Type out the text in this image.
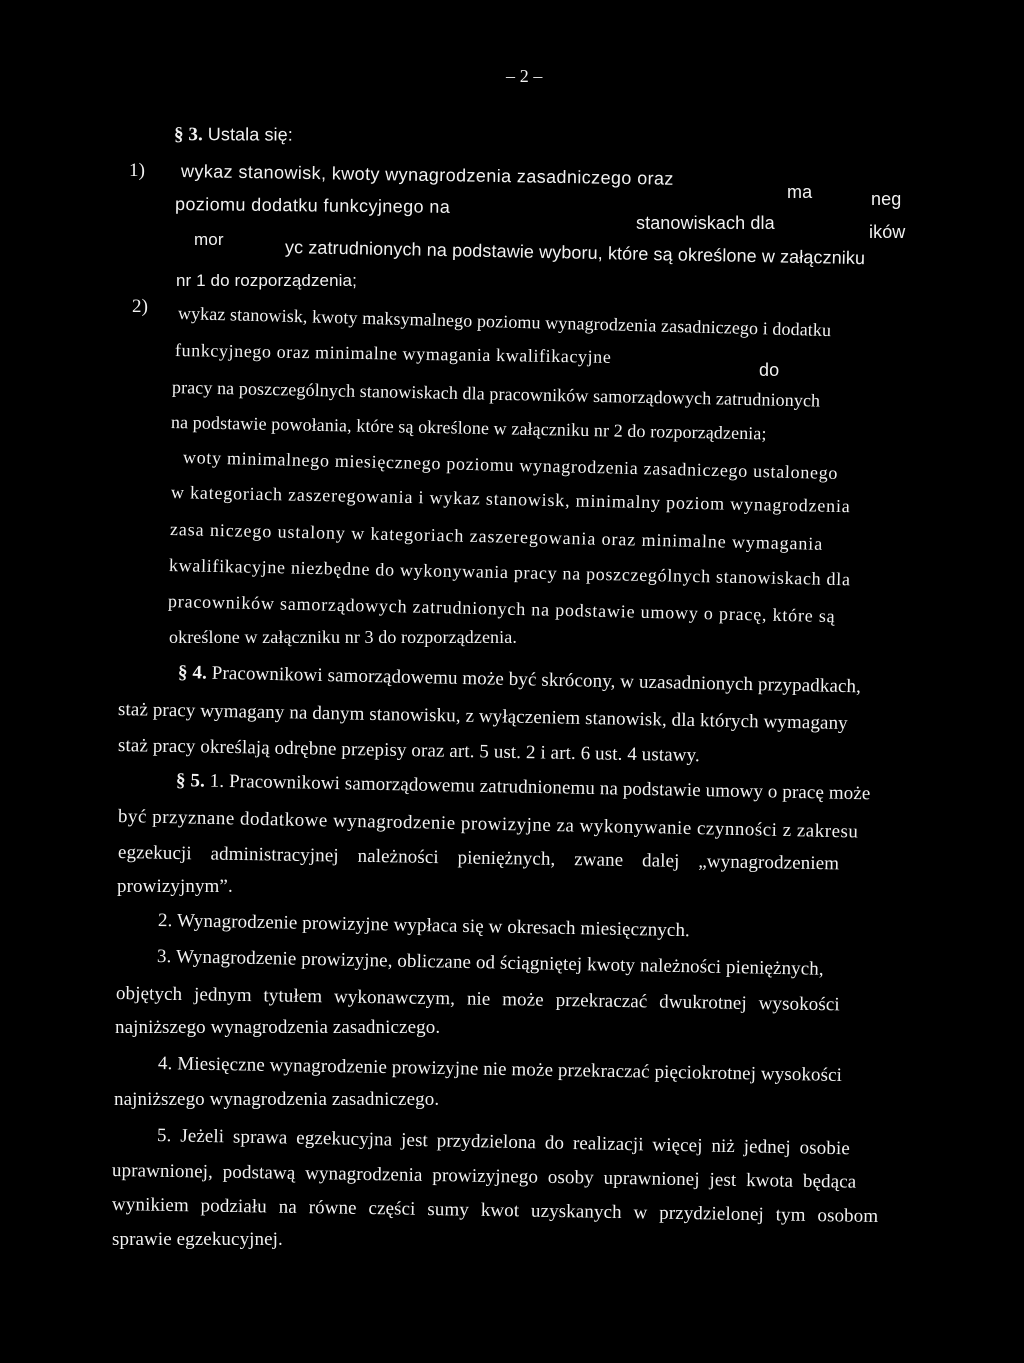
– 2 –
§ 3. Ustala się:
1) wykaz stanowisk, kwoty wynagrodzenia zasadniczego oraz
ma	neg
poziomu dodatku funkcyjnego na
stanowiskach dla	ików
mor	yc zatrudnionych na podstawie wyboru, które są określone w załączniku
nr 1 do rozporządzenia;
2) wykaz stanowisk, kwoty maksymalnego poziomu wynagrodzenia zasadniczego i dodatku
funkcyjnego oraz minimalne wymagania kwalifikacyjne
do
pracy na poszczególnych stanowiskach dla pracowników samorządowych zatrudnionych
na podstawie powołania, które są określone w załączniku nr 2 do rozporządzenia;
woty minimalnego miesięcznego poziomu wynagrodzenia zasadniczego ustalonego
w kategoriach zaszeregowania i wykaz stanowisk, minimalny poziom wynagrodzenia
zasa niczego ustalony w kategoriach zaszeregowania oraz minimalne wymagania
kwalifikacyjne niezbędne do wykonywania pracy na poszczególnych stanowiskach dla
pracowników samorządowych zatrudnionych na podstawie umowy o pracę, które są
określone w załączniku nr 3 do rozporządzenia.
§ 4. Pracownikowi samorządowemu może być skrócony, w uzasadnionych przypadkach,
staż pracy wymagany na danym stanowisku, z wyłączeniem stanowisk, dla których wymagany
staż pracy określają odrębne przepisy oraz art. 5 ust. 2 i art. 6 ust. 4 ustawy.
§ 5. 1. Pracownikowi samorządowemu zatrudnionemu na podstawie umowy o pracę może
być przyznane dodatkowe wynagrodzenie prowizyjne za wykonywanie czynności z zakresu
egzekucji administracyjnej należności pieniężnych, zwane dalej „wynagrodzeniem
prowizyjnym”.
2. Wynagrodzenie prowizyjne wypłaca się w okresach miesięcznych.
3. Wynagrodzenie prowizyjne, obliczane od ściągniętej kwoty należności pieniężnych,
objętych jednym tytułem wykonawczym, nie może przekraczać dwukrotnej wysokości
najniższego wynagrodzenia zasadniczego.
4. Miesięczne wynagrodzenie prowizyjne nie może przekraczać pięciokrotnej wysokości
najniższego wynagrodzenia zasadniczego.
5. Jeżeli sprawa egzekucyjna jest przydzielona do realizacji więcej niż jednej osobie
uprawnionej, podstawą wynagrodzenia prowizyjnego osoby uprawnionej jest kwota będąca
wynikiem podziału na równe części sumy kwot uzyskanych w przydzielonej tym osobom
sprawie egzekucyjnej.
